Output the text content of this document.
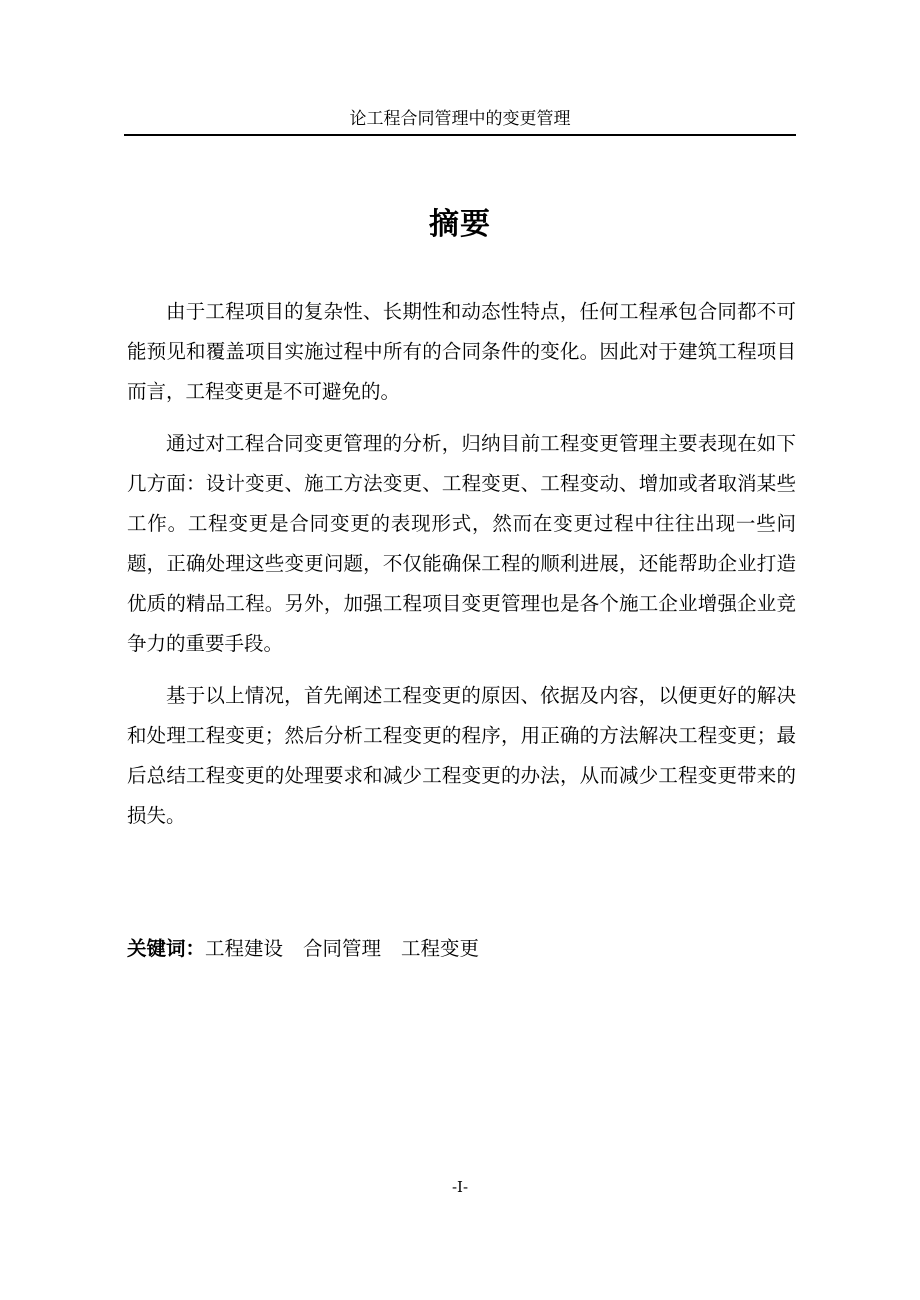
论工程合同管理中的变更管理
摘要

由于工程项目的复杂性、长期性和动态性特点，任何工程承包合同都不可能预见和覆盖项目实施过程中所有的合同条件的变化。因此对于建筑工程项目而言，工程变更是不可避免的。

通过对工程合同变更管理的分析，归纳目前工程变更管理主要表现在如下几方面：设计变更、施工方法变更、工程变更、工程变动、增加或者取消某些工作。工程变更是合同变更的表现形式，然而在变更过程中往往出现一些问题，正确处理这些变更问题，不仅能确保工程的顺利进展，还能帮助企业打造优质的精品工程。另外，加强工程项目变更管理也是各个施工企业增强企业竞争力的重要手段。

基于以上情况，首先阐述工程变更的原因、依据及内容，以便更好的解决和处理工程变更；然后分析工程变更的程序，用正确的方法解决工程变更；最后总结工程变更的处理要求和减少工程变更的办法，从而减少工程变更带来的损失。

关键词：工程建设 合同管理 工程变更
-I-
